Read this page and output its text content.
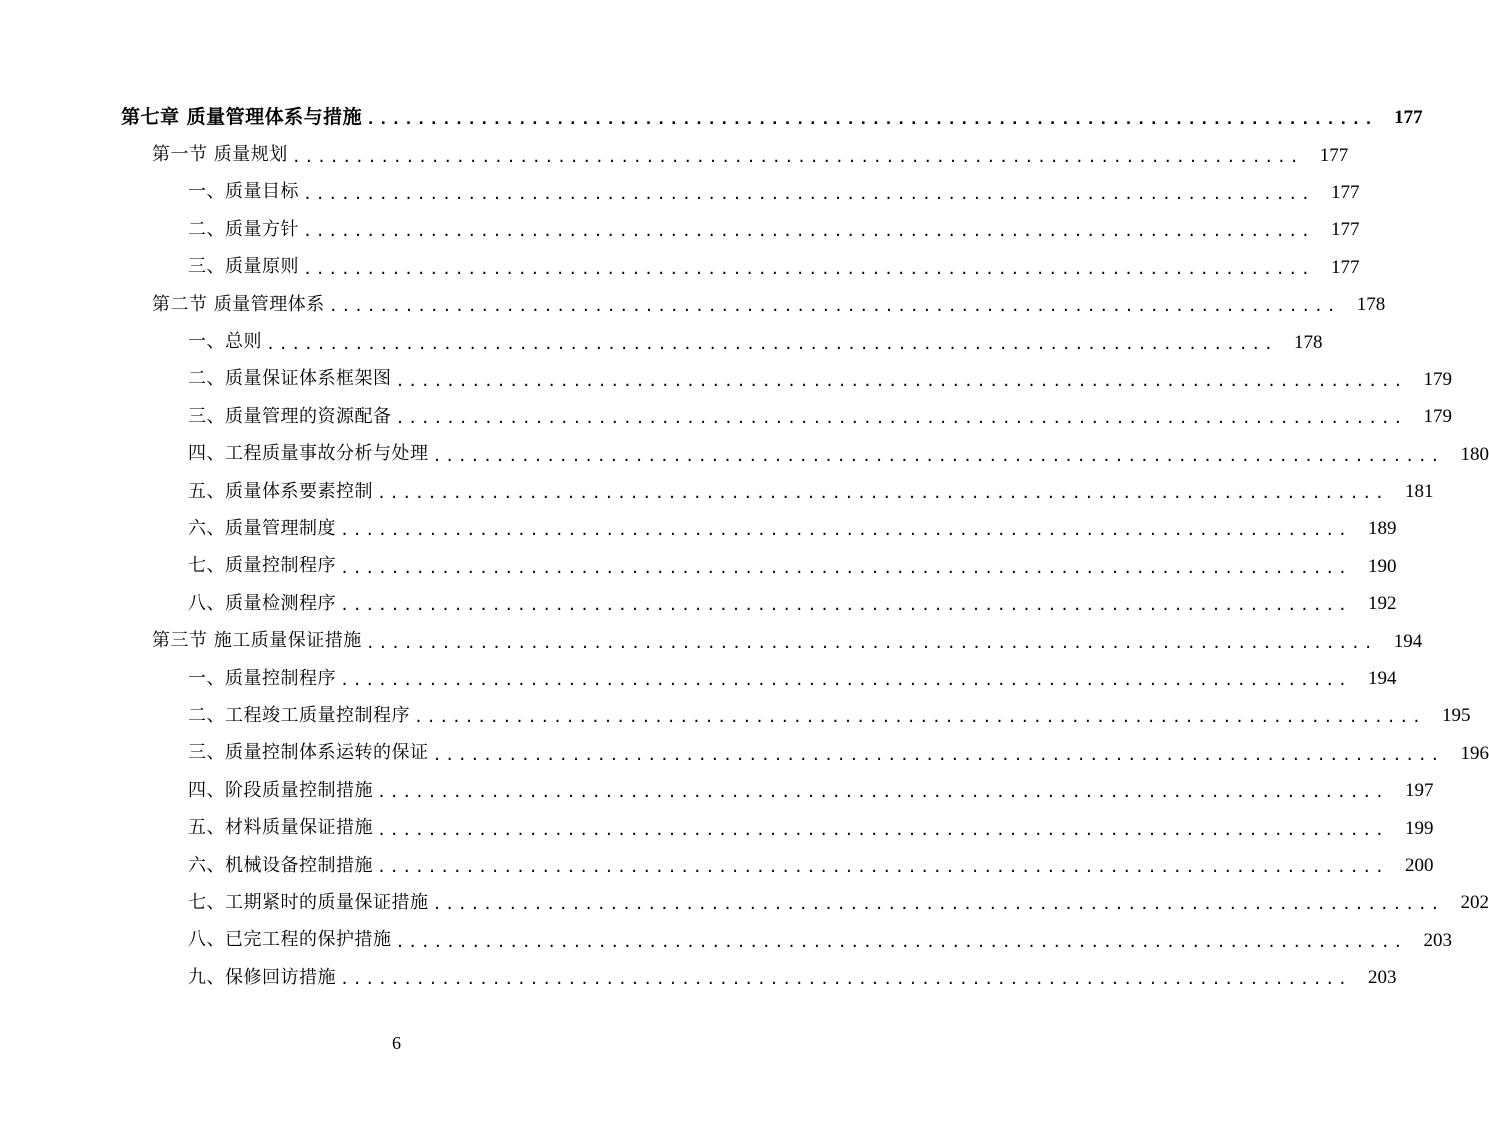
第七章 质量管理体系与措施 ................................................................................ 177
第一节 质量规划 ................................................................................ 177
一、质量目标 ................................................................................ 177
二、质量方针 ................................................................................ 177
三、质量原则 ................................................................................ 177
第二节 质量管理体系 ................................................................................ 178
一、总则 ................................................................................ 178
二、质量保证体系框架图 ................................................................................ 179
三、质量管理的资源配备 ................................................................................ 179
四、工程质量事故分析与处理 ................................................................................ 180
五、质量体系要素控制 ................................................................................ 181
六、质量管理制度 ................................................................................ 189
七、质量控制程序 ................................................................................ 190
八、质量检测程序 ................................................................................ 192
第三节 施工质量保证措施 ................................................................................ 194
一、质量控制程序 ................................................................................ 194
二、工程竣工质量控制程序 ................................................................................ 195
三、质量控制体系运转的保证 ................................................................................ 196
四、阶段质量控制措施 ................................................................................ 197
五、材料质量保证措施 ................................................................................ 199
六、机械设备控制措施 ................................................................................ 200
七、工期紧时的质量保证措施 ................................................................................ 202
八、已完工程的保护措施 ................................................................................ 203
九、保修回访措施 ................................................................................ 203
6
